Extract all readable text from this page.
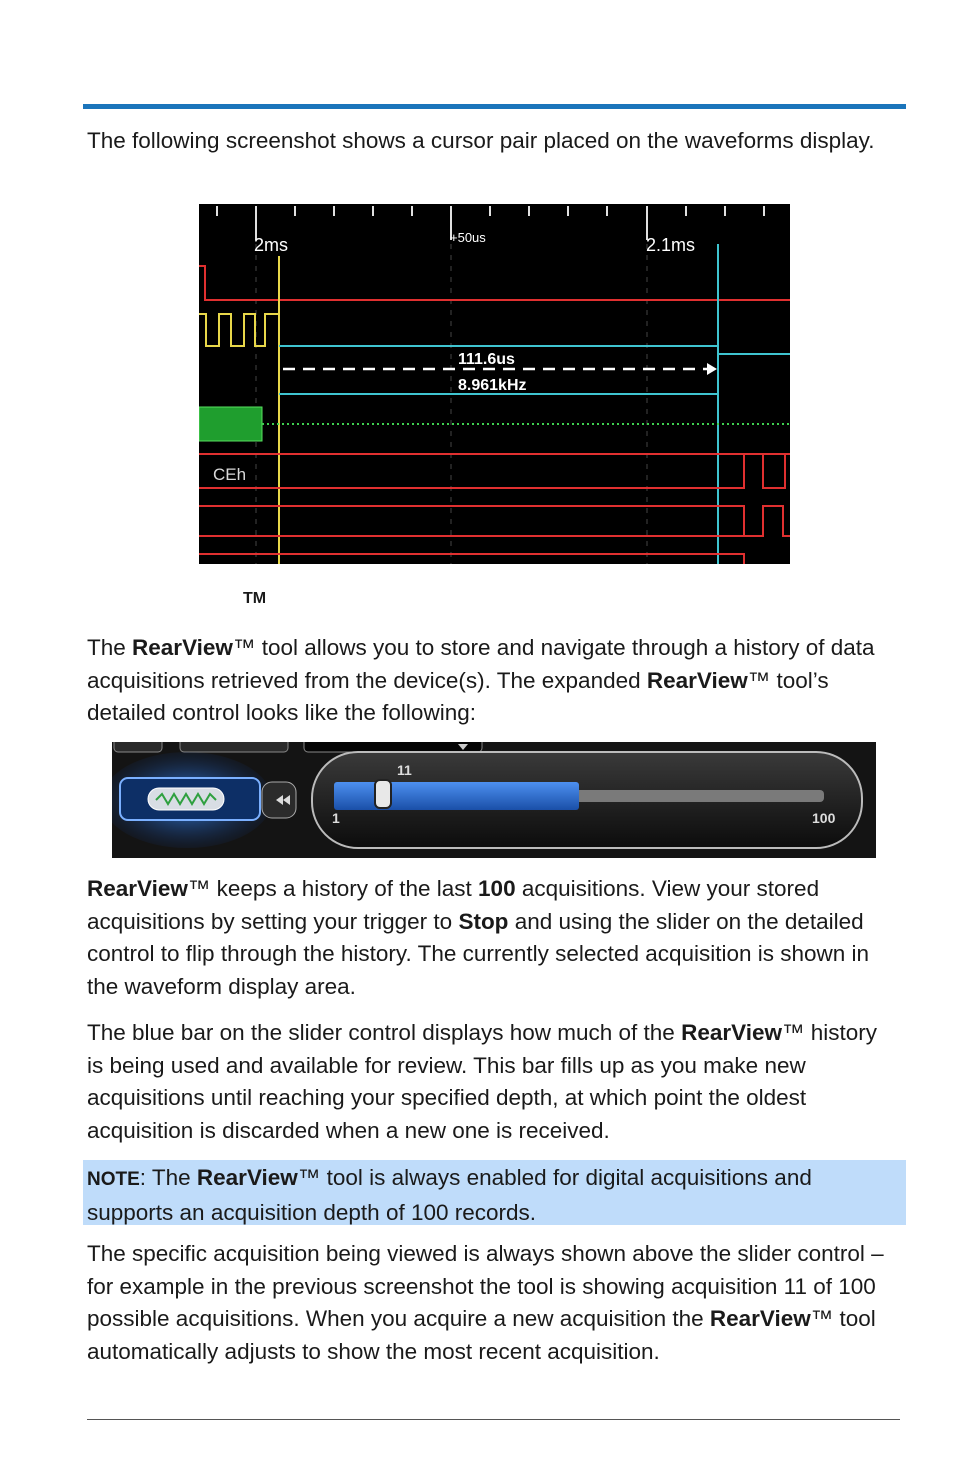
The following screenshot shows a cursor pair placed on the waveforms display.

2ms	+50us	2.1ms
111.6us
8.961kHz
CEh
TM

The RearView™ tool allows you to store and navigate through a history of data acquisitions retrieved from the device(s). The expanded RearView™ tool’s detailed control looks like the following:

11
1	100

RearView™ keeps a history of the last 100 acquisitions. View your stored acquisitions by setting your trigger to Stop and using the slider on the detailed control to flip through the history. The currently selected acquisition is shown in the waveform display area.

The blue bar on the slider control displays how much of the RearView™ history is being used and available for review. This bar fills up as you make new acquisitions until reaching your specified depth, at which point the oldest acquisition is discarded when a new one is received.

NOTE: The RearView™ tool is always enabled for digital acquisitions and supports an acquisition depth of 100 records.

The specific acquisition being viewed is always shown above the slider control – for example in the previous screenshot the tool is showing acquisition 11 of 100 possible acquisitions. When you acquire a new acquisition the RearView™ tool automatically adjusts to show the most recent acquisition.
